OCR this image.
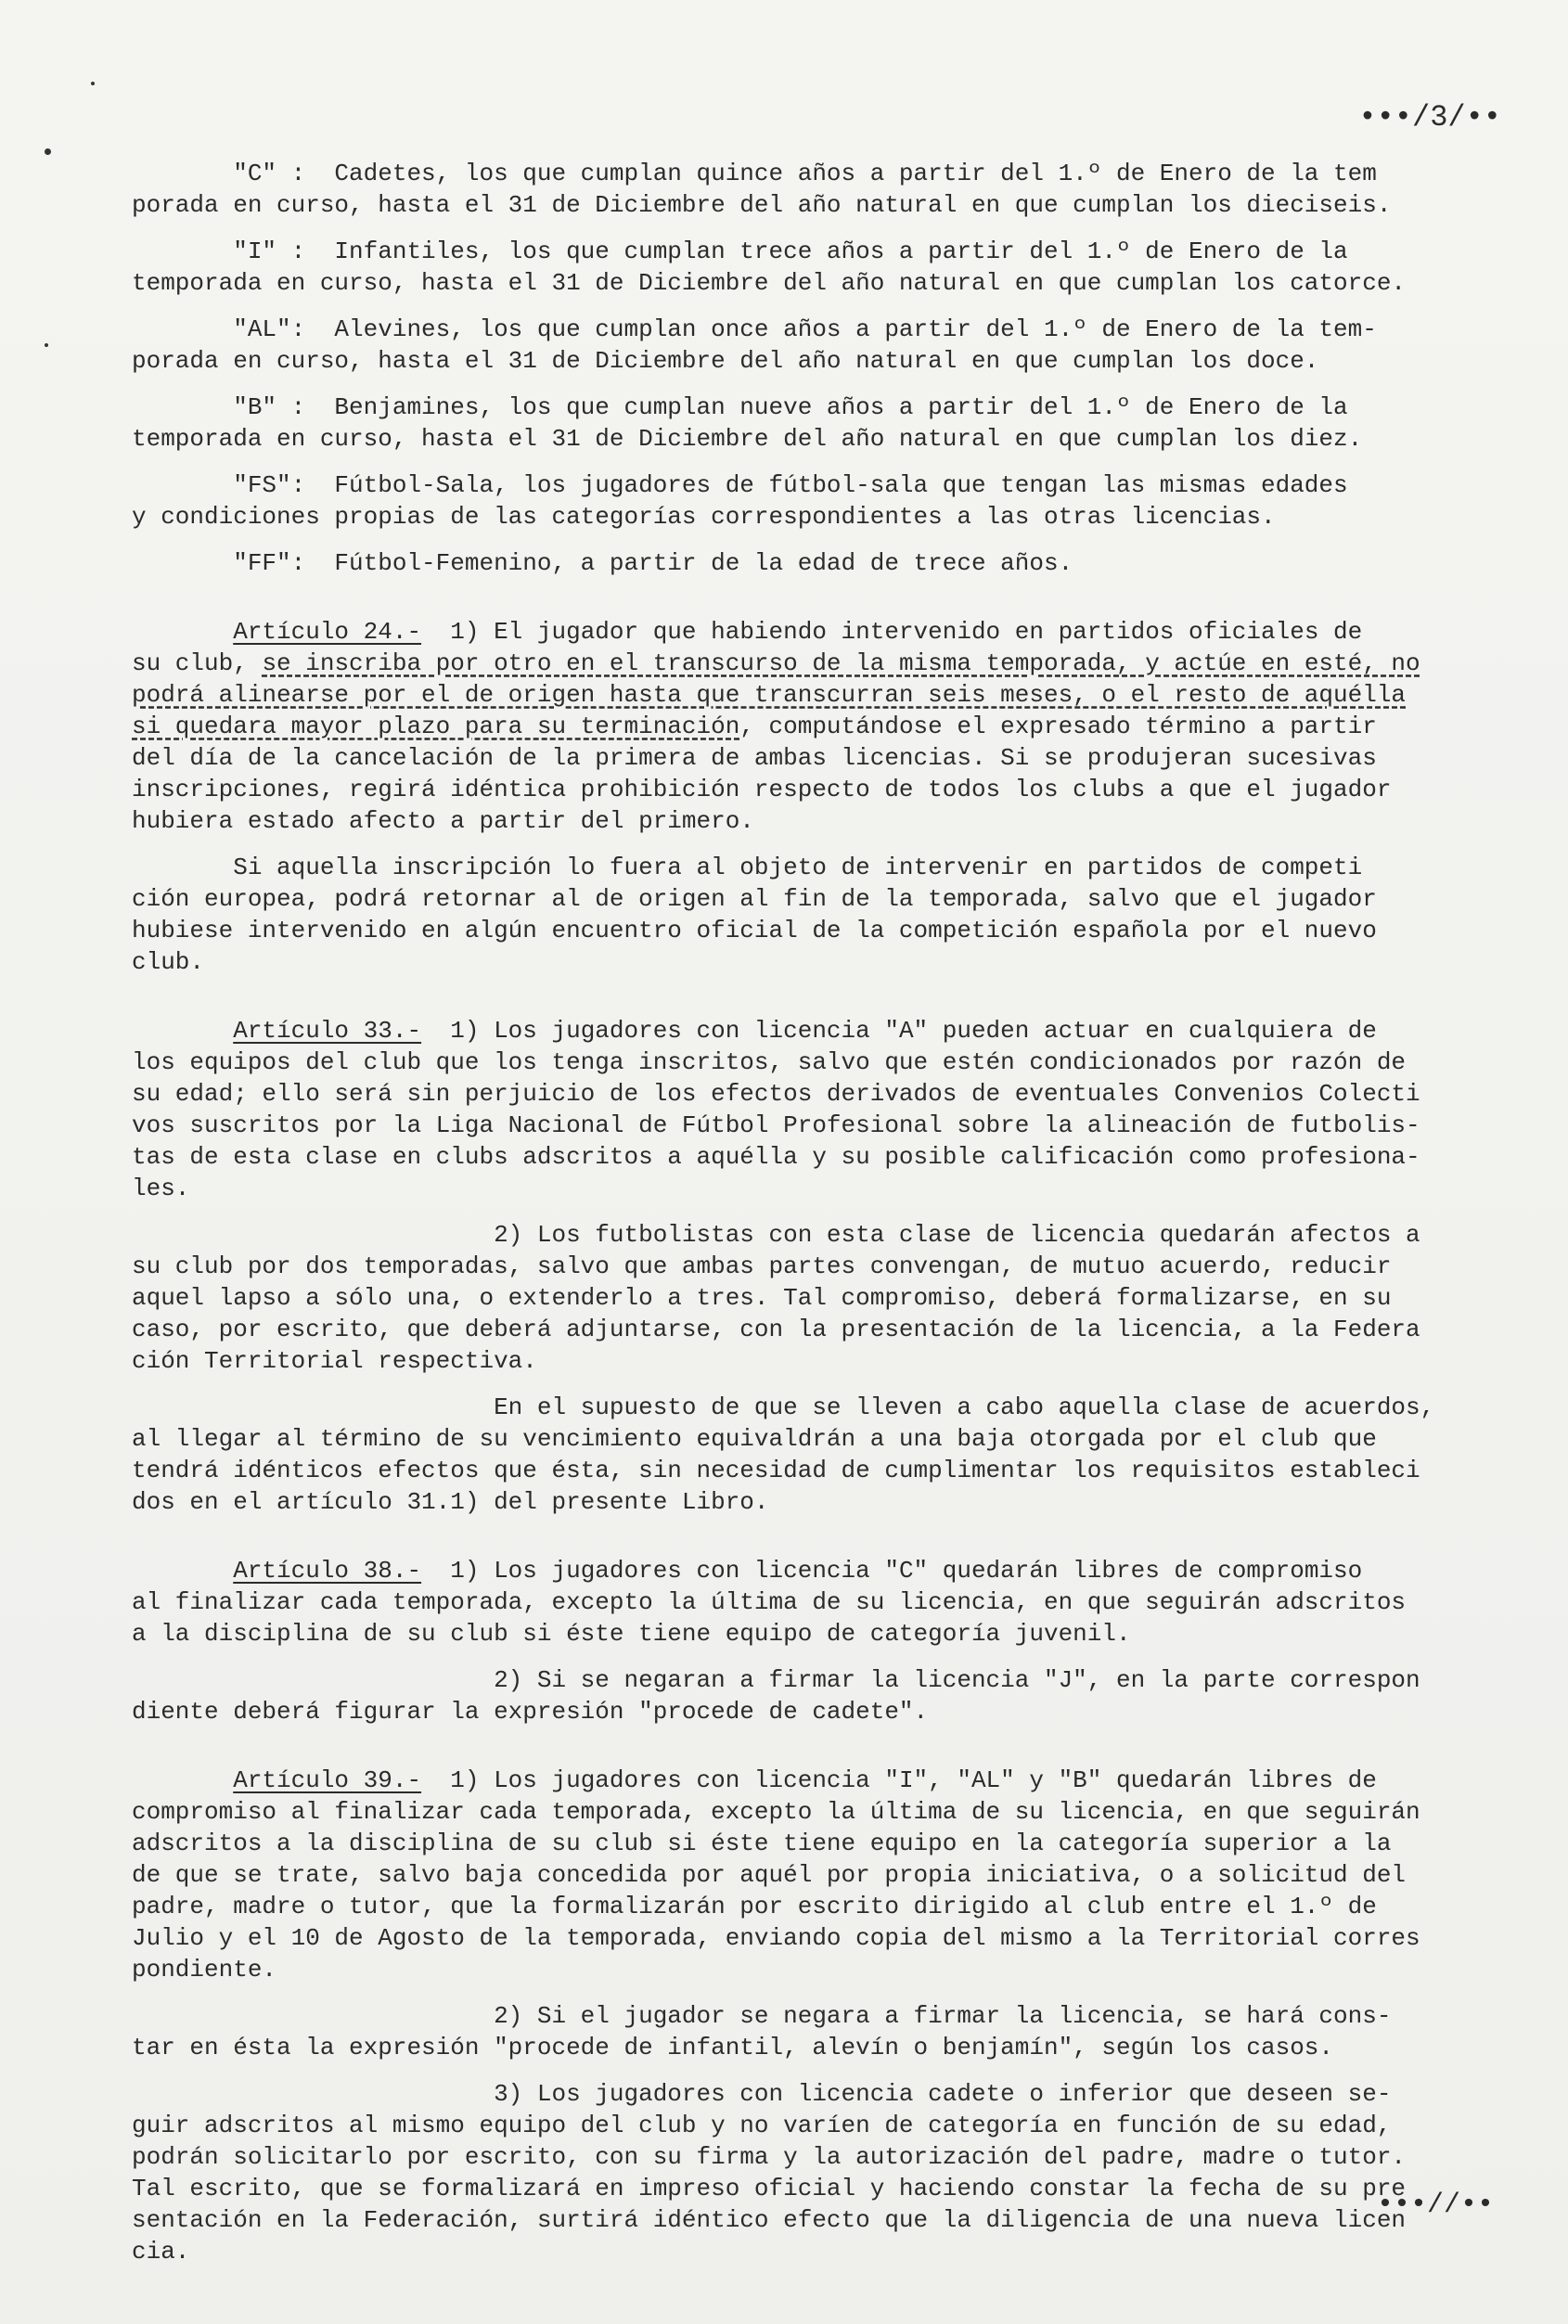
•••/3/••
"C" :  Cadetes, los que cumplan quince años a partir del 1.º de Enero de la tem
porada en curso, hasta el 31 de Diciembre del año natural en que cumplan los dieciseis.
"I" :  Infantiles, los que cumplan trece años a partir del 1.º de Enero de la
temporada en curso, hasta el 31 de Diciembre del año natural en que cumplan los catorce.
"AL":  Alevines, los que cumplan once años a partir del 1.º de Enero de la tem-
porada en curso, hasta el 31 de Diciembre del año natural en que cumplan los doce.
"B" :  Benjamines, los que cumplan nueve años a partir del 1.º de Enero de la
temporada en curso, hasta el 31 de Diciembre del año natural en que cumplan los diez.
"FS":  Fútbol-Sala, los jugadores de fútbol-sala que tengan las mismas edades
y condiciones propias de las categorías correspondientes a las otras licencias.
"FF":  Fútbol-Femenino, a partir de la edad de trece años.
Artículo 24.-  1) El jugador que habiendo intervenido en partidos oficiales de
su club, se inscriba por otro en el transcurso de la misma temporada, y actúe en esté, no
podrá alinearse por el de origen hasta que transcurran seis meses, o el resto de aquélla
si quedara mayor plazo para su terminación, computándose el expresado término a partir
del día de la cancelación de la primera de ambas licencias. Si se produjeran sucesivas
inscripciones, regirá idéntica prohibición respecto de todos los clubs a que el jugador
hubiera estado afecto a partir del primero.
Si aquella inscripción lo fuera al objeto de intervenir en partidos de competi
ción europea, podrá retornar al de origen al fin de la temporada, salvo que el jugador
hubiese intervenido en algún encuentro oficial de la competición española por el nuevo
club.
Artículo 33.-  1) Los jugadores con licencia "A" pueden actuar en cualquiera de
los equipos del club que los tenga inscritos, salvo que estén condicionados por razón de
su edad; ello será sin perjuicio de los efectos derivados de eventuales Convenios Colecti
vos suscritos por la Liga Nacional de Fútbol Profesional sobre la alineación de futbolis-
tas de esta clase en clubs adscritos a aquélla y su posible calificación como profesiona-
les.
2) Los futbolistas con esta clase de licencia quedarán afectos a
su club por dos temporadas, salvo que ambas partes convengan, de mutuo acuerdo, reducir
aquel lapso a sólo una, o extenderlo a tres. Tal compromiso, deberá formalizarse, en su
caso, por escrito, que deberá adjuntarse, con la presentación de la licencia, a la Federa
ción Territorial respectiva.
En el supuesto de que se lleven a cabo aquella clase de acuerdos,
al llegar al término de su vencimiento equivaldrán a una baja otorgada por el club que
tendrá idénticos efectos que ésta, sin necesidad de cumplimentar los requisitos estableci
dos en el artículo 31.1) del presente Libro.
Artículo 38.-  1) Los jugadores con licencia "C" quedarán libres de compromiso
al finalizar cada temporada, excepto la última de su licencia, en que seguirán adscritos
a la disciplina de su club si éste tiene equipo de categoría juvenil.
2) Si se negaran a firmar la licencia "J", en la parte correspon
diente deberá figurar la expresión "procede de cadete".
Artículo 39.-  1) Los jugadores con licencia "I", "AL" y "B" quedarán libres de
compromiso al finalizar cada temporada, excepto la última de su licencia, en que seguirán
adscritos a la disciplina de su club si éste tiene equipo en la categoría superior a la
de que se trate, salvo baja concedida por aquél por propia iniciativa, o a solicitud del
padre, madre o tutor, que la formalizarán por escrito dirigido al club entre el 1.º de
Julio y el 10 de Agosto de la temporada, enviando copia del mismo a la Territorial corres
pondiente.
2) Si el jugador se negara a firmar la licencia, se hará cons-
tar en ésta la expresión "procede de infantil, alevín o benjamín", según los casos.
3) Los jugadores con licencia cadete o inferior que deseen se-
guir adscritos al mismo equipo del club y no varíen de categoría en función de su edad,
podrán solicitarlo por escrito, con su firma y la autorización del padre, madre o tutor.
Tal escrito, que se formalizará en impreso oficial y haciendo constar la fecha de su pre
sentación en la Federación, surtirá idéntico efecto que la diligencia de una nueva licen
cia.
•••//••
